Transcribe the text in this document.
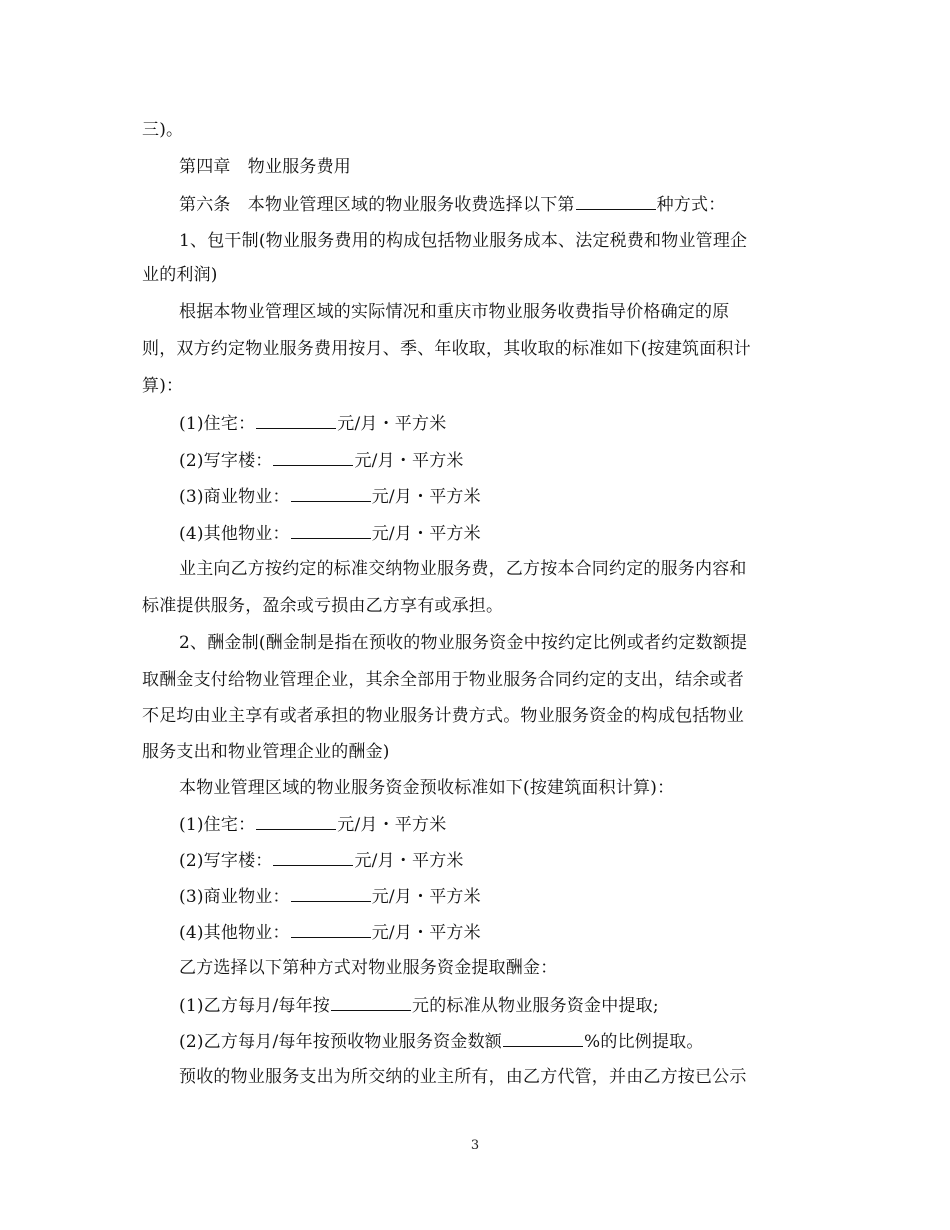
三)。
第四章　物业服务费用
第六条　本物业管理区域的物业服务收费选择以下第	种方式：
1、包干制(物业服务费用的构成包括物业服务成本、法定税费和物业管理企
业的利润)
根据本物业管理区域的实际情况和重庆市物业服务收费指导价格确定的原
则，双方约定物业服务费用按月、季、年收取，其收取的标准如下(按建筑面积计
算)：
(1)住宅：	元/月・平方米
(2)写字楼：	元/月・平方米
(3)商业物业：	元/月・平方米
(4)其他物业：	元/月・平方米
业主向乙方按约定的标准交纳物业服务费，乙方按本合同约定的服务内容和
标准提供服务，盈余或亏损由乙方享有或承担。
2、酬金制(酬金制是指在预收的物业服务资金中按约定比例或者约定数额提
取酬金支付给物业管理企业，其余全部用于物业服务合同约定的支出，结余或者
不足均由业主享有或者承担的物业服务计费方式。物业服务资金的构成包括物业
服务支出和物业管理企业的酬金)
本物业管理区域的物业服务资金预收标准如下(按建筑面积计算)：
(1)住宅：	元/月・平方米
(2)写字楼：	元/月・平方米
(3)商业物业：	元/月・平方米
(4)其他物业：	元/月・平方米
乙方选择以下第种方式对物业服务资金提取酬金：
(1)乙方每月/每年按	元的标准从物业服务资金中提取;
(2)乙方每月/每年按预收物业服务资金数额	%的比例提取。
预收的物业服务支出为所交纳的业主所有，由乙方代管，并由乙方按已公示
3
